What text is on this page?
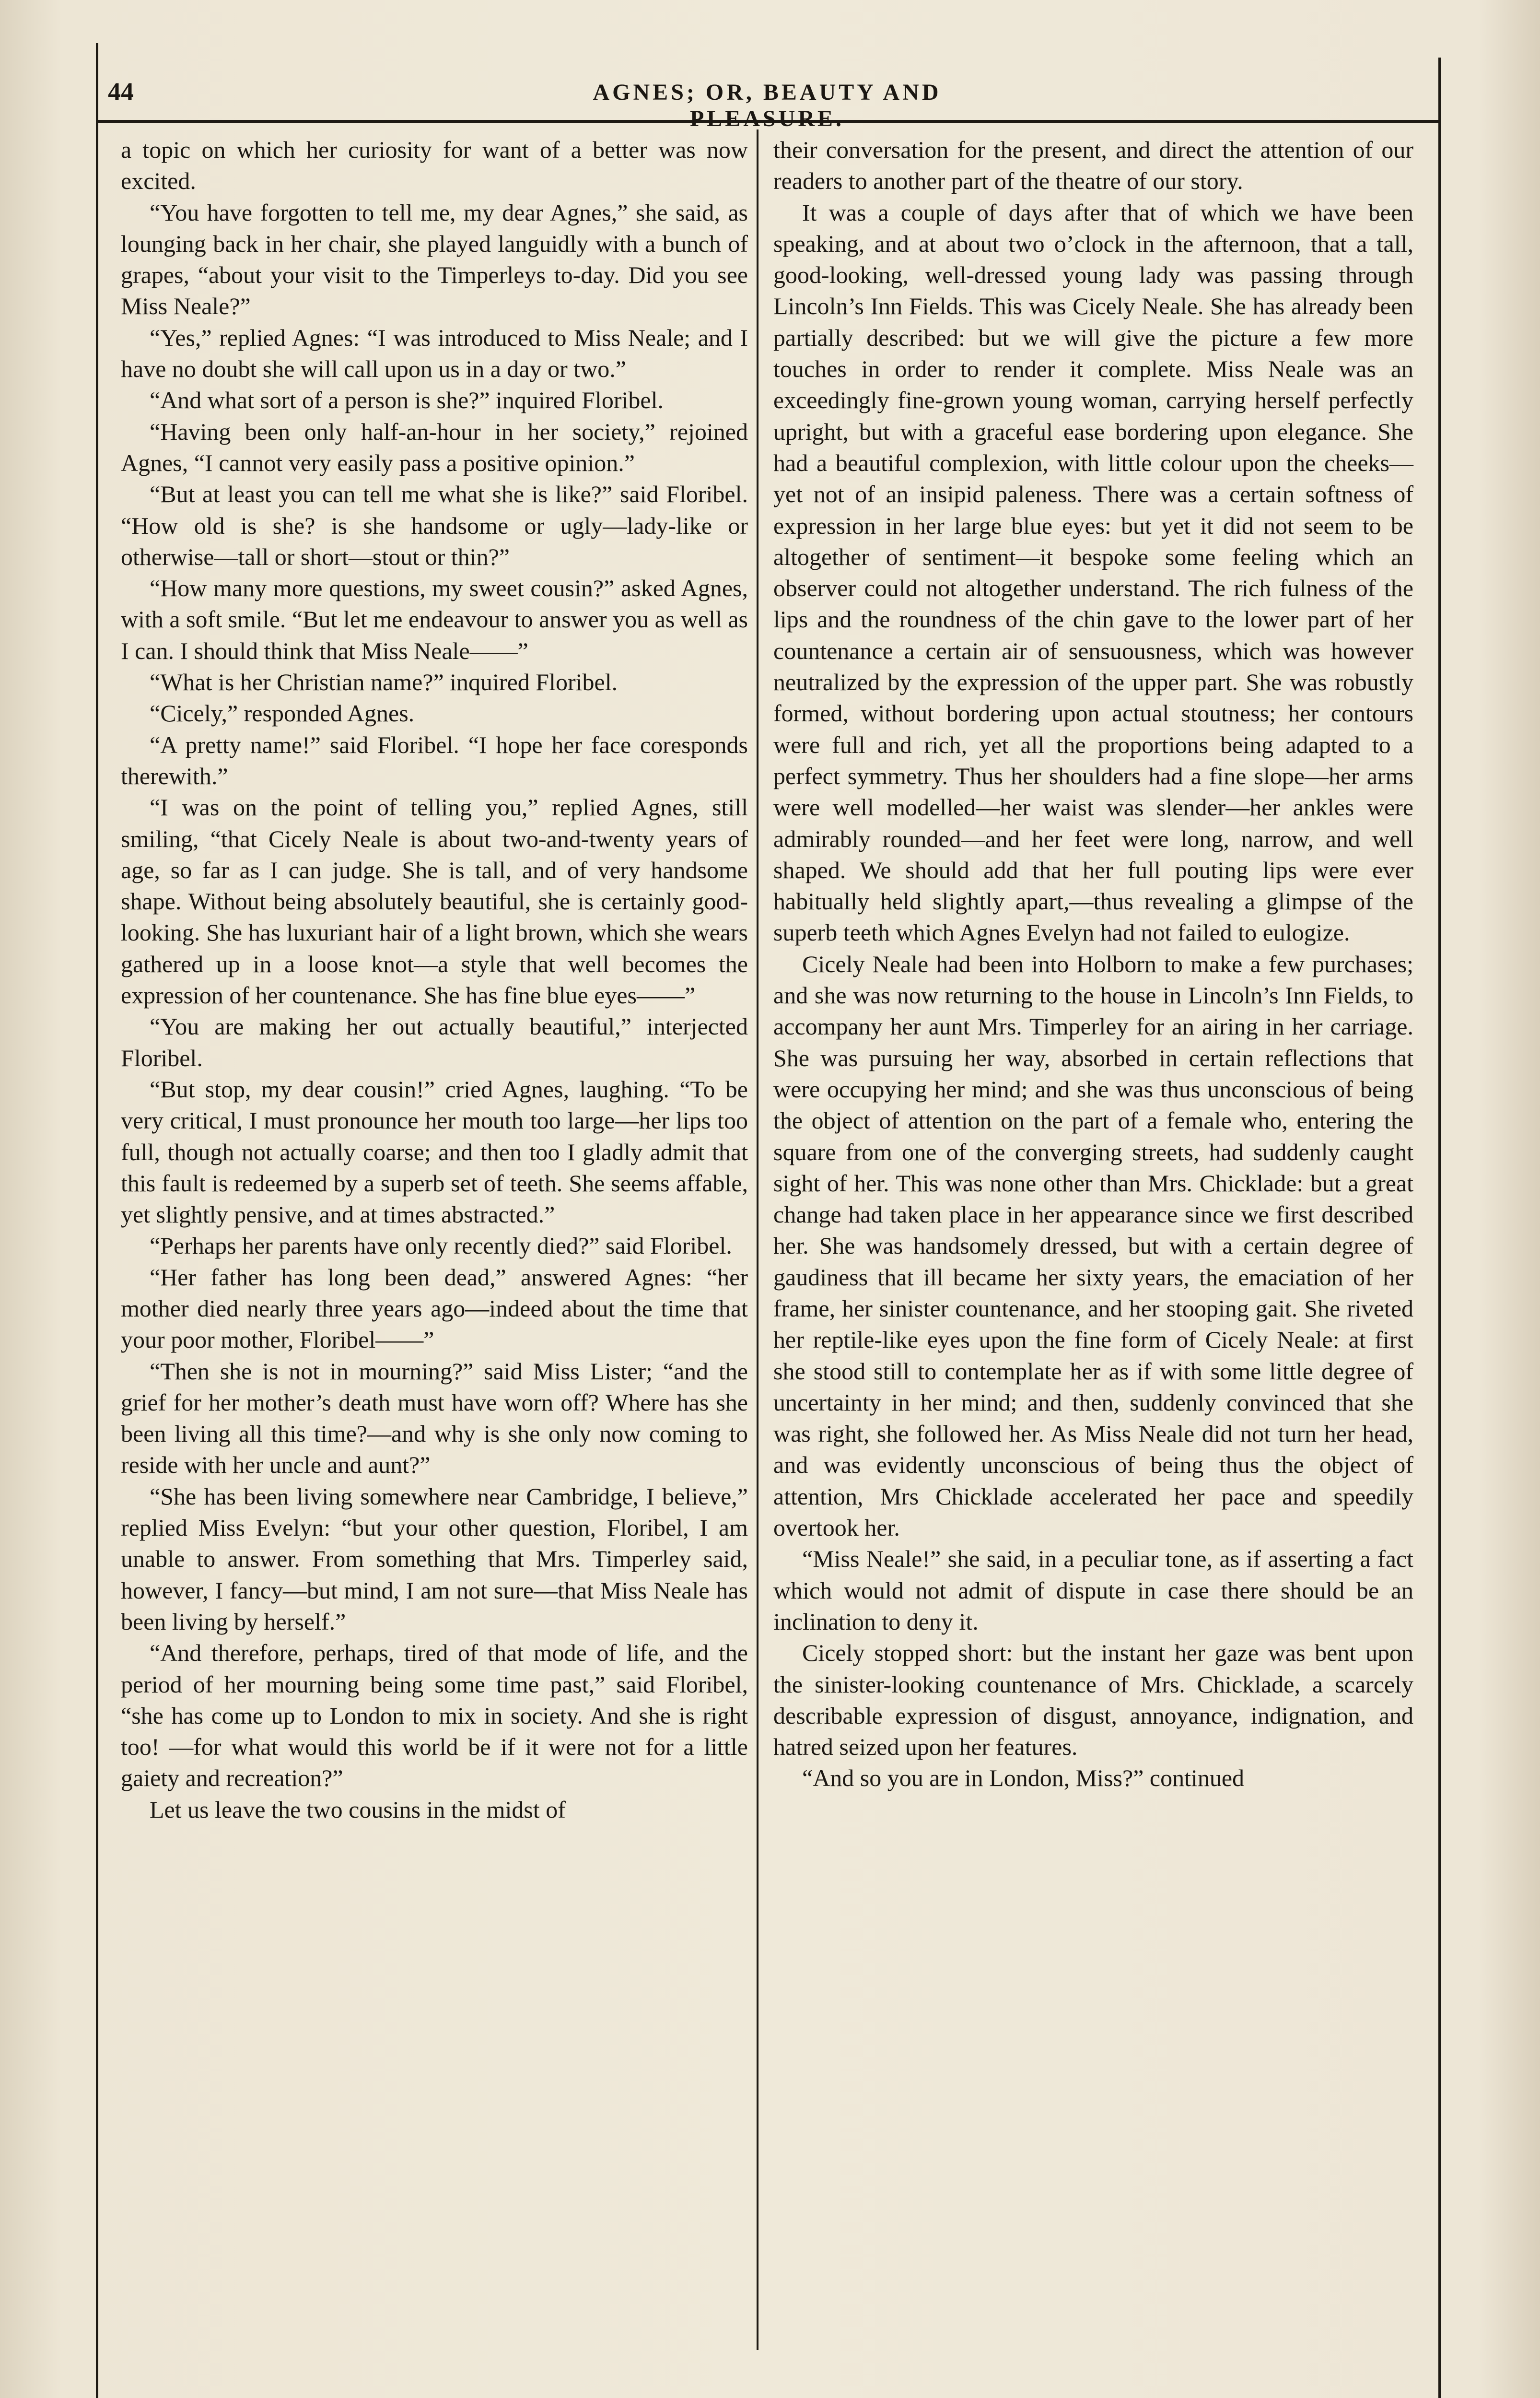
44	AGNES; OR, BEAUTY AND PLEASURE.

a topic on which her curiosity for want of a better was now excited.

“You have forgotten to tell me, my dear Agnes,” she said, as lounging back in her chair, she played languidly with a bunch of grapes, “about your visit to the Timperleys to-day. Did you see Miss Neale?”

“Yes,” replied Agnes: “I was introduced to Miss Neale; and I have no doubt she will call upon us in a day or two.”

“And what sort of a person is she?” inquired Floribel.

“Having been only half-an-hour in her society,” rejoined Agnes, “I cannot very easily pass a positive opinion.”

“But at least you can tell me what she is like?” said Floribel. “How old is she? is she handsome or ugly—lady-like or otherwise—tall or short—stout or thin?”

“How many more questions, my sweet cousin?” asked Agnes, with a soft smile. “But let me endeavour to answer you as well as I can. I should think that Miss Neale——”

“What is her Christian name?” inquired Floribel.

“Cicely,” responded Agnes.

“A pretty name!” said Floribel. “I hope her face coresponds therewith.”

“I was on the point of telling you,” replied Agnes, still smiling, “that Cicely Neale is about two-and-twenty years of age, so far as I can judge. She is tall, and of very handsome shape. Without being absolutely beautiful, she is certainly good-looking. She has luxuriant hair of a light brown, which she wears gathered up in a loose knot—a style that well becomes the expression of her countenance. She has fine blue eyes——”

“You are making her out actually beautiful,” interjected Floribel.

“But stop, my dear cousin!” cried Agnes, laughing. “To be very critical, I must pronounce her mouth too large—her lips too full, though not actually coarse; and then too I gladly admit that this fault is redeemed by a superb set of teeth. She seems affable, yet slightly pensive, and at times abstracted.”

“Perhaps her parents have only recently died?” said Floribel.

“Her father has long been dead,” answered Agnes: “her mother died nearly three years ago—indeed about the time that your poor mother, Floribel——”

“Then she is not in mourning?” said Miss Lister; “and the grief for her mother’s death must have worn off? Where has she been living all this time?—and why is she only now coming to reside with her uncle and aunt?”

“She has been living somewhere near Cambridge, I believe,” replied Miss Evelyn: “but your other question, Floribel, I am unable to answer. From something that Mrs. Timperley said, however, I fancy—but mind, I am not sure—that Miss Neale has been living by herself.”

“And therefore, perhaps, tired of that mode of life, and the period of her mourning being some time past,” said Floribel, “she has come up to London to mix in society. And she is right too! —for what would this world be if it were not for a little gaiety and recreation?”

Let us leave the two cousins in the midst of

their conversation for the present, and direct the attention of our readers to another part of the theatre of our story.

It was a couple of days after that of which we have been speaking, and at about two o’clock in the afternoon, that a tall, good-looking, well-dressed young lady was passing through Lincoln’s Inn Fields. This was Cicely Neale. She has already been partially described: but we will give the picture a few more touches in order to render it complete. Miss Neale was an exceedingly fine-grown young woman, carrying herself perfectly upright, but with a graceful ease bordering upon elegance. She had a beautiful complexion, with little colour upon the cheeks—yet not of an insipid paleness. There was a certain softness of expression in her large blue eyes: but yet it did not seem to be altogether of sentiment—it bespoke some feeling which an observer could not altogether understand. The rich fulness of the lips and the roundness of the chin gave to the lower part of her countenance a certain air of sensuousness, which was however neutralized by the expression of the upper part. She was robustly formed, without bordering upon actual stoutness; her contours were full and rich, yet all the proportions being adapted to a perfect symmetry. Thus her shoulders had a fine slope—her arms were well modelled—her waist was slender—her ankles were admirably rounded—and her feet were long, narrow, and well shaped. We should add that her full pouting lips were ever habitually held slightly apart,—thus revealing a glimpse of the superb teeth which Agnes Evelyn had not failed to eulogize.

Cicely Neale had been into Holborn to make a few purchases; and she was now returning to the house in Lincoln’s Inn Fields, to accompany her aunt Mrs. Timperley for an airing in her carriage. She was pursuing her way, absorbed in certain reflections that were occupying her mind; and she was thus unconscious of being the object of attention on the part of a female who, entering the square from one of the converging streets, had suddenly caught sight of her. This was none other than Mrs. Chicklade: but a great change had taken place in her appearance since we first described her. She was handsomely dressed, but with a certain degree of gaudiness that ill became her sixty years, the emaciation of her frame, her sinister countenance, and her stooping gait. She riveted her reptile-like eyes upon the fine form of Cicely Neale: at first she stood still to contemplate her as if with some little degree of uncertainty in her mind; and then, suddenly convinced that she was right, she followed her. As Miss Neale did not turn her head, and was evidently unconscious of being thus the object of attention, Mrs Chicklade accelerated her pace and speedily overtook her.

“Miss Neale!” she said, in a peculiar tone, as if asserting a fact which would not admit of dispute in case there should be an inclination to deny it.

Cicely stopped short: but the instant her gaze was bent upon the sinister-looking countenance of Mrs. Chicklade, a scarcely describable expression of disgust, annoyance, indignation, and hatred seized upon her features.

“And so you are in London, Miss?” continued
